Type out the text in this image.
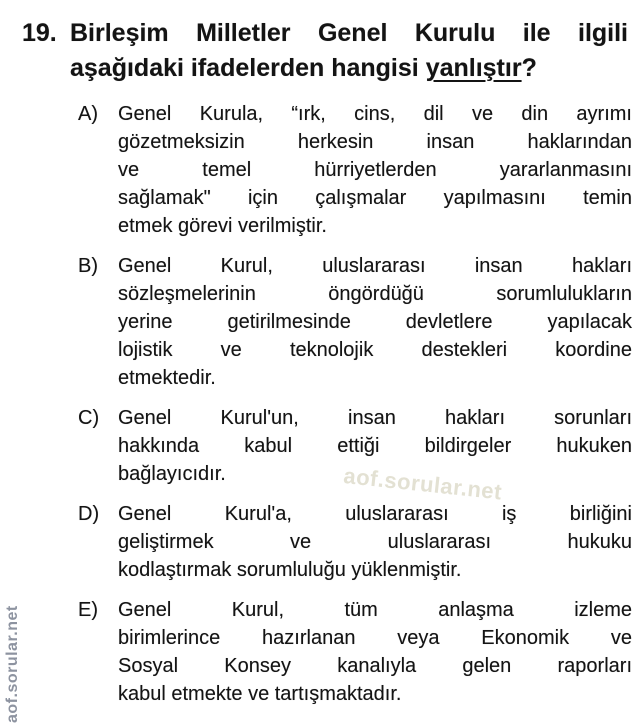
19. Birleşim Milletler Genel Kurulu ile ilgili
aşağıdaki ifadelerden hangisi yanlıştır?
A)	Genel Kurula, “ırk, cins, dil ve din ayrımı
gözetmeksizin herkesin insan haklarından
ve temel hürriyetlerden yararlanmasını
sağlamak" için çalışmalar yapılmasını temin
etmek görevi verilmiştir.
B)	Genel Kurul, uluslararası insan hakları
sözleşmelerinin öngördüğü sorumlulukların
yerine getirilmesinde devletlere yapılacak
lojistik ve teknolojik destekleri koordine
etmektedir.
C) Genel Kurul'un, insan hakları sorunları
hakkında kabul ettiği bildirgeler hukuken
bağlayıcıdır.
D) Genel Kurul'a, uluslararası iş birliğini
geliştirmek ve uluslararası hukuku
kodlaştırmak sorumluluğu yüklenmiştir.
E)	Genel Kurul, tüm anlaşma izleme
birimlerince hazırlanan veya Ekonomik ve
Sosyal Konsey kanalıyla gelen raporları
kabul etmekte ve tartışmaktadır.
aof.sorular.net
aof.sorular.net
